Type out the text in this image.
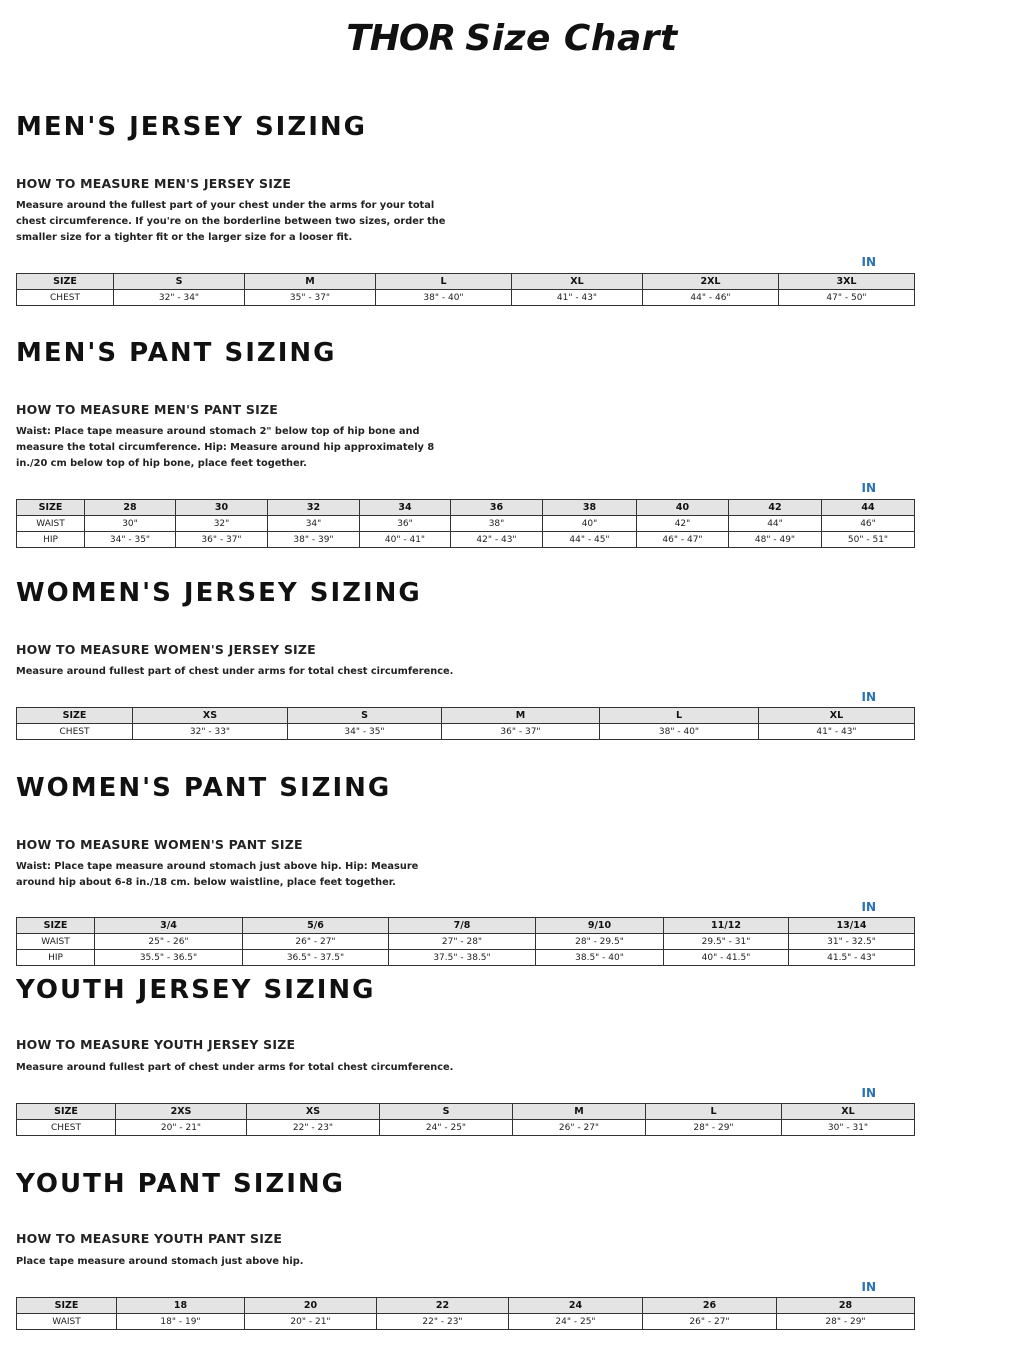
THOR Size Chart
MEN'S JERSEY SIZING
HOW TO MEASURE MEN'S JERSEY SIZE

Measure around the fullest part of your chest under the arms for your total chest circumference. If you're on the borderline between two sizes, order the smaller size for a tighter fit or the larger size for a looser fit.

IN
SIZE	S	M	L	XL	2XL	3XL
CHEST	32" - 34"	35" - 37"	38" - 40"	41" - 43"	44" - 46"	47" - 50"
MEN'S PANT SIZING
HOW TO MEASURE MEN'S PANT SIZE

Waist: Place tape measure around stomach 2" below top of hip bone and measure the total circumference. Hip: Measure around hip approximately 8 in./20 cm below top of hip bone, place feet together.

IN
SIZE	28	30	32	34	36	38	40	42	44
WAIST	30"	32"	34"	36"	38"	40"	42"	44"	46"
HIP	34" - 35"	36" - 37"	38" - 39"	40" - 41"	42" - 43"	44" - 45"	46" - 47"	48" - 49"	50" - 51"
WOMEN'S JERSEY SIZING
HOW TO MEASURE WOMEN'S JERSEY SIZE

Measure around fullest part of chest under arms for total chest circumference.

IN
SIZE	XS	S	M	L	XL
CHEST	32" - 33"	34" - 35"	36" - 37"	38" - 40"	41" - 43"
WOMEN'S PANT SIZING
HOW TO MEASURE WOMEN'S PANT SIZE

Waist: Place tape measure around stomach just above hip. Hip: Measure around hip about 6-8 in./18 cm. below waistline, place feet together.

IN
SIZE	3/4	5/6	7/8	9/10	11/12	13/14
WAIST	25" - 26"	26" - 27"	27" - 28"	28" - 29.5"	29.5" - 31"	31" - 32.5"
HIP	35.5" - 36.5"	36.5" - 37.5"	37.5" - 38.5"	38.5" - 40"	40" - 41.5"	41.5" - 43"
YOUTH JERSEY SIZING
HOW TO MEASURE YOUTH JERSEY SIZE

Measure around fullest part of chest under arms for total chest circumference.

IN
SIZE	2XS	XS	S	M	L	XL
CHEST	20" - 21"	22" - 23"	24" - 25"	26" - 27"	28" - 29"	30" - 31"
YOUTH PANT SIZING
HOW TO MEASURE YOUTH PANT SIZE

Place tape measure around stomach just above hip.

IN
SIZE	18	20	22	24	26	28
WAIST	18" - 19"	20" - 21"	22" - 23"	24" - 25"	26" - 27"	28" - 29"
